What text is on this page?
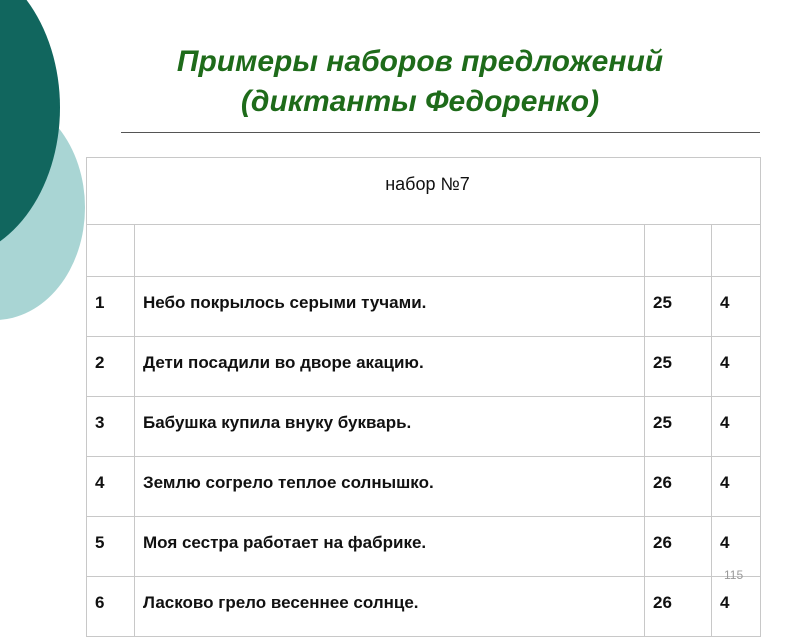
Примеры наборов предложений
(диктанты Федоренко)
набор №7			

1	Небо покрылось серыми тучами.	25	4
2	Дети посадили во дворе акацию.	25	4
3	Бабушка купила внуку букварь.	25	4
4	Землю согрело теплое солнышко.	26	4
5	Моя сестра работает на фабрике.	26	4
6	Ласково грело весеннее солнце.	26	4
115
